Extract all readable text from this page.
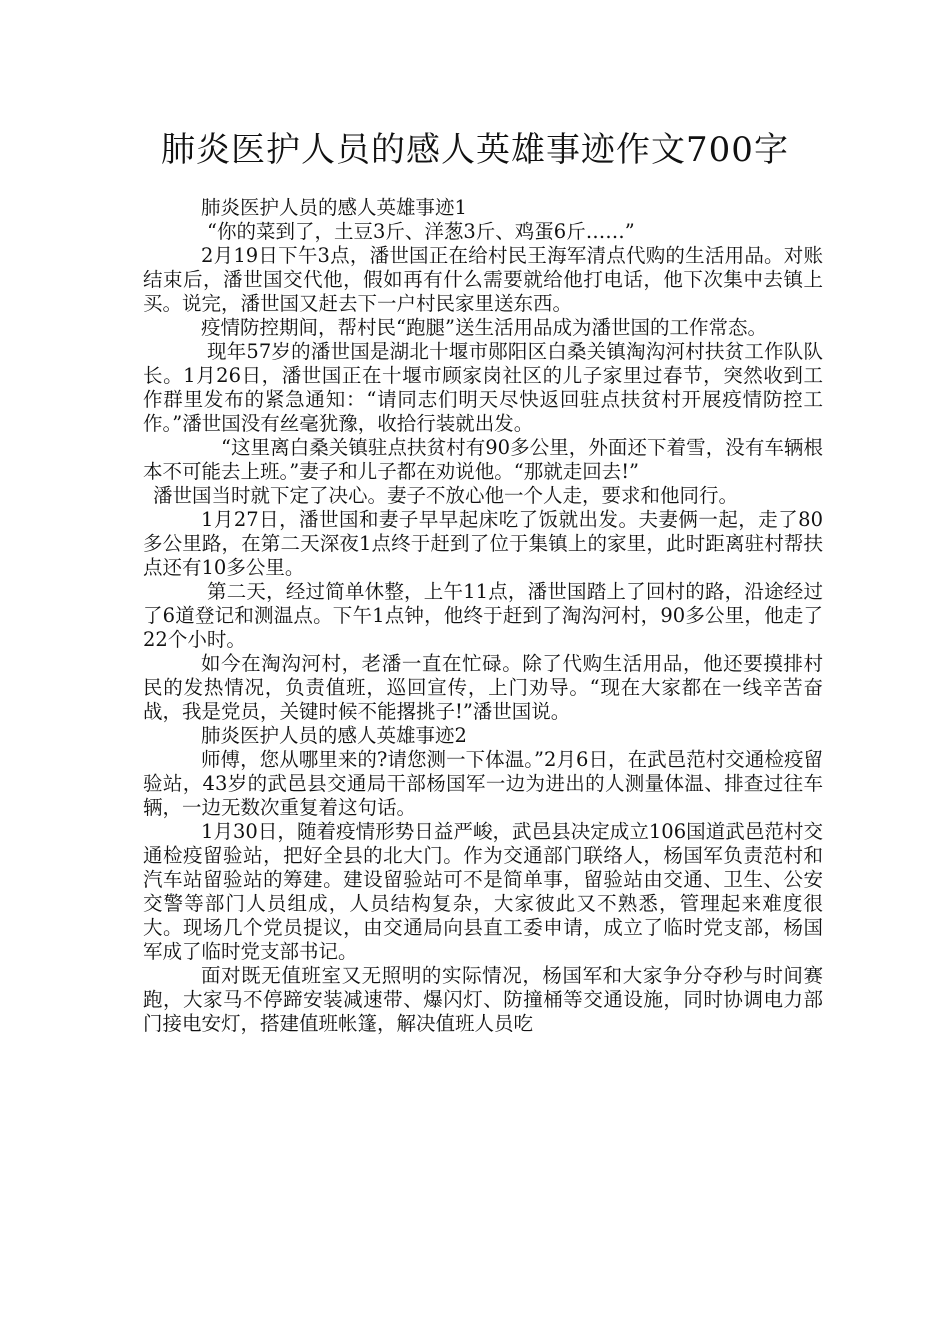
肺炎医护人员的感人英雄事迹作文700字

肺炎医护人员的感人英雄事迹1

“你的菜到了，土豆3斤、洋葱3斤、鸡蛋6斤……”

2月19日下午3点，潘世国正在给村民王海军清点代购的生活用品。对账结束后，潘世国交代他，假如再有什么需要就给他打电话，他下次集中去镇上买。说完，潘世国又赶去下一户村民家里送东西。

疫情防控期间，帮村民“跑腿”送生活用品成为潘世国的工作常态。

现年57岁的潘世国是湖北十堰市郧阳区白桑关镇淘沟河村扶贫工作队队长。1月26日，潘世国正在十堰市顾家岗社区的儿子家里过春节，突然收到工作群里发布的紧急通知：“请同志们明天尽快返回驻点扶贫村开展疫情防控工作。”潘世国没有丝毫犹豫，收拾行装就出发。

“这里离白桑关镇驻点扶贫村有90多公里，外面还下着雪，没有车辆根本不可能去上班。”妻子和儿子都在劝说他。“那就走回去!”

潘世国当时就下定了决心。妻子不放心他一个人走，要求和他同行。

1月27日，潘世国和妻子早早起床吃了饭就出发。夫妻俩一起，走了80多公里路，在第二天深夜1点终于赶到了位于集镇上的家里，此时距离驻村帮扶点还有10多公里。

第二天，经过简单休整，上午11点，潘世国踏上了回村的路，沿途经过了6道登记和测温点。下午1点钟，他终于赶到了淘沟河村，90多公里，他走了22个小时。

如今在淘沟河村，老潘一直在忙碌。除了代购生活用品，他还要摸排村民的发热情况，负责值班，巡回宣传，上门劝导。“现在大家都在一线辛苦奋战，我是党员，关键时候不能撂挑子!”潘世国说。

肺炎医护人员的感人英雄事迹2

师傅，您从哪里来的?请您测一下体温。”2月6日，在武邑范村交通检疫留验站，43岁的武邑县交通局干部杨国军一边为进出的人测量体温、排查过往车辆，一边无数次重复着这句话。

1月30日，随着疫情形势日益严峻，武邑县决定成立106国道武邑范村交通检疫留验站，把好全县的北大门。作为交通部门联络人，杨国军负责范村和汽车站留验站的筹建。建设留验站可不是简单事，留验站由交通、卫生、公安交警等部门人员组成，人员结构复杂，大家彼此又不熟悉，管理起来难度很大。现场几个党员提议，由交通局向县直工委申请，成立了临时党支部，杨国军成了临时党支部书记。

面对既无值班室又无照明的实际情况，杨国军和大家争分夺秒与时间赛跑，大家马不停蹄安装减速带、爆闪灯、防撞桶等交通设施，同时协调电力部门接电安灯，搭建值班帐篷，解决值班人员吃
